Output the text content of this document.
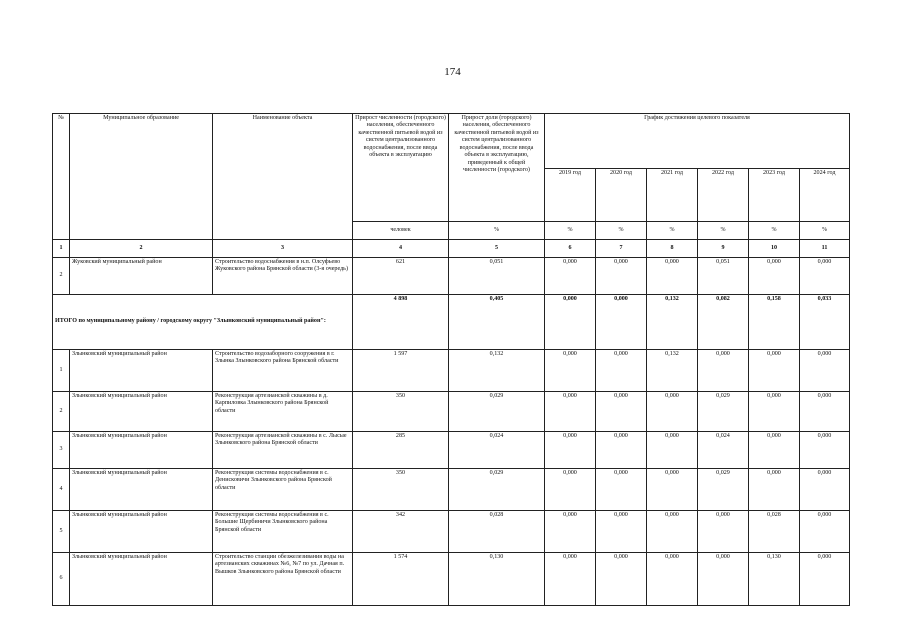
174
№	Муниципальное образование	Наименование объекта	Прирост численности (городского) населения, обеспеченного качественной питьевой водой из систем централизованного водоснабжения, после ввода объекта в эксплуатацию	Прирост доли (городского) населения, обеспеченного качественной питьевой водой из систем централизованного водоснабжения, после ввода объекта в эксплуатацию, приведенный к общей численности (городского)	График достижения целевого показателя					
					2019 год	2020 год	2021 год	2022 год	2023 год	2024 год
			человек	%	%	%	%	%	%	%
1	2	3	4	5	6	7	8	9	10	11
2	Жуковский муниципальный район	Строительство водоснабжения в н.п. Олсуфьево Жуковского района Брянской области (3-я очередь)	621	0,051	0,000	0,000	0,000	0,051	0,000	0,000
ИТОГО по муниципальному району / городскому округу "Злынковский муниципальный район":			4 898	0,405	0,000	0,000	0,132	0,082	0,158	0,033
1	Злынковский муниципальный район	Строительство водозаборного сооружения в г. Злынка Злынковского района Брянской области	1 597	0,132	0,000	0,000	0,132	0,000	0,000	0,000
2	Злынковский муниципальный район	Реконструкция артезианской скважины в д. Карпиловка Злынковского района Брянской области	350	0,029	0,000	0,000	0,000	0,029	0,000	0,000
3	Злынковский муниципальный район	Реконструкция артезианской скважины в с. Лысые Злынковского района Брянской области	285	0,024	0,000	0,000	0,000	0,024	0,000	0,000
4	Злынковский муниципальный район	Реконструкция системы водоснабжения в с. Денисковичи Злынковского района Брянской области	350	0,029	0,000	0,000	0,000	0,029	0,000	0,000
5	Злынковский муниципальный район	Реконструкция системы водоснабжения в с. Большие Щербиничи Злынковского района Брянской области	342	0,028	0,000	0,000	0,000	0,000	0,028	0,000
6	Злынковский муниципальный район	Строительство станции обезжелезивания воды на артезианских скважинах №6, №7 по ул. Дачная п. Вышков Злынковского района Брянской области	1 574	0,130	0,000	0,000	0,000	0,000	0,130	0,000
